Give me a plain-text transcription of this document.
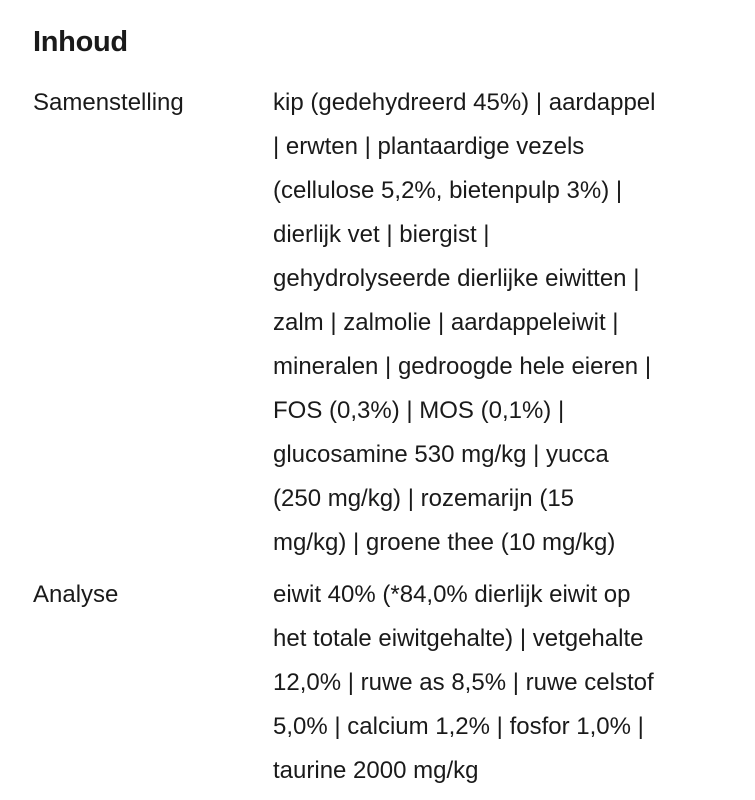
Inhoud

Samenstelling	kip (gedehydreerd 45%) | aardappel
| erwten | plantaardige vezels
(cellulose 5,2%, bietenpulp 3%) |
dierlijk vet | biergist |
gehydrolyseerde dierlijke eiwitten |
zalm | zalmolie | aardappeleiwit |
mineralen | gedroogde hele eieren |
FOS (0,3%) | MOS (0,1%) |
glucosamine 530 mg/kg | yucca
(250 mg/kg) | rozemarijn (15
mg/kg) | groene thee (10 mg/kg)

Analyse	eiwit 40% (*84,0% dierlijk eiwit op
het totale eiwitgehalte) | vetgehalte
12,0% | ruwe as 8,5% | ruwe celstof
5,0% | calcium 1,2% | fosfor 1,0% |
taurine 2000 mg/kg
